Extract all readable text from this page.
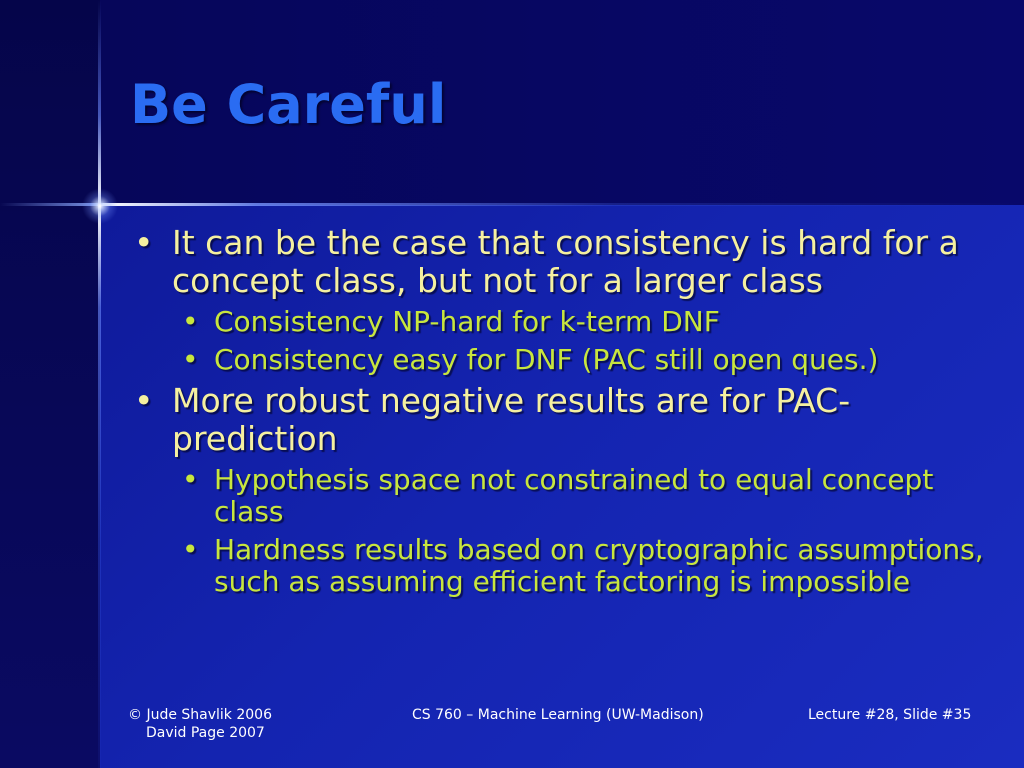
Be Careful
• It can be the case that consistency is hard for a concept class, but not for a larger class
• Consistency NP-hard for k-term DNF
• Consistency easy for DNF (PAC still open ques.)
• More robust negative results are for PAC-prediction
• Hypothesis space not constrained to equal concept class
• Hardness results based on cryptographic assumptions, such as assuming efficient factoring is impossible
© Jude Shavlik 2006
David Page 2007
CS 760 – Machine Learning (UW-Madison)	Lecture #28, Slide #35
